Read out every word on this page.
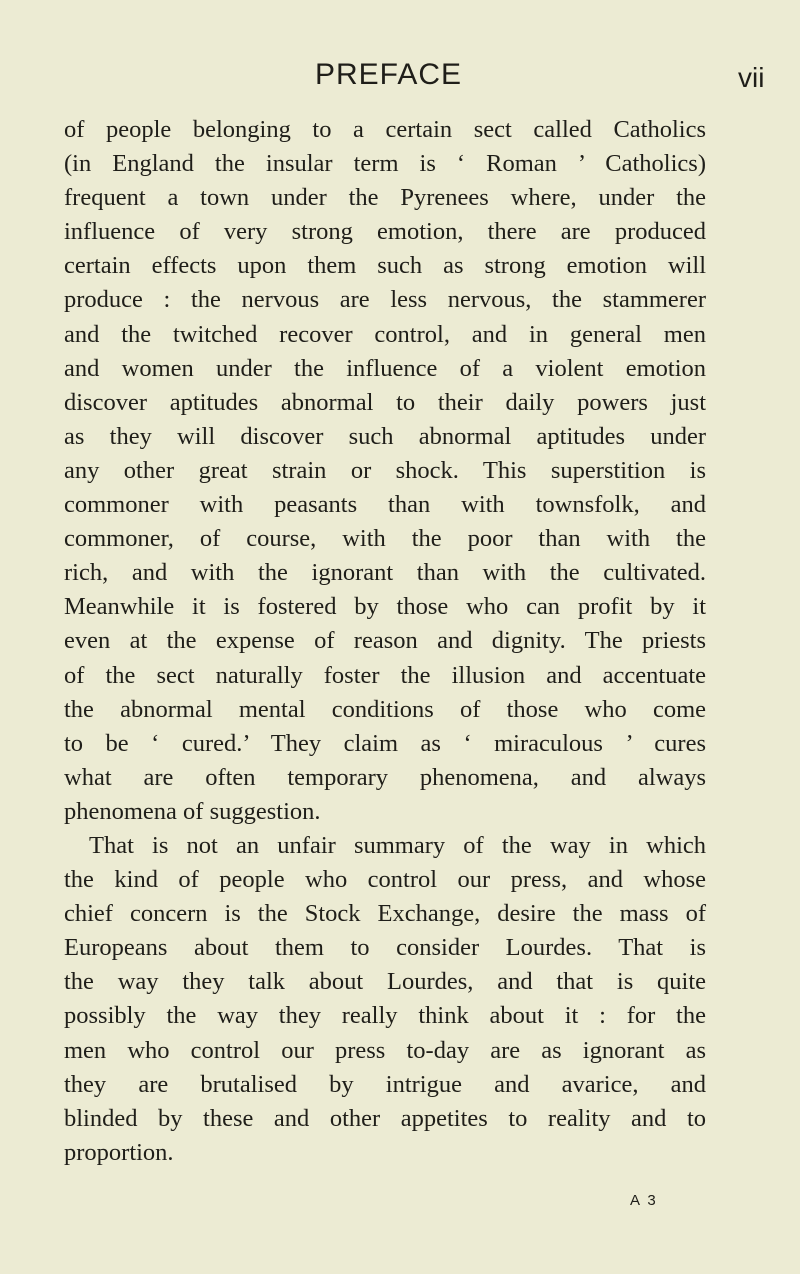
PREFACE	vii
of people belonging to a certain sect called Catholics
(in England the insular term is ‘ Roman ’ Catholics)
frequent a town under the Pyrenees where, under the
influence of very strong emotion, there are produced
certain effects upon them such as strong emotion will
produce : the nervous are less nervous, the stammerer
and the twitched recover control, and in general men
and women under the influence of a violent emotion
discover aptitudes abnormal to their daily powers just
as they will discover such abnormal aptitudes under
any other great strain or shock. This superstition is
commoner with peasants than with townsfolk, and
commoner, of course, with the poor than with the
rich, and with the ignorant than with the cultivated.
Meanwhile it is fostered by those who can profit by it
even at the expense of reason and dignity. The priests
of the sect naturally foster the illusion and accentuate
the abnormal mental conditions of those who come
to be ‘ cured.’ They claim as ‘ miraculous ’ cures
what are often temporary phenomena, and always
phenomena of suggestion.
That is not an unfair summary of the way in which
the kind of people who control our press, and whose
chief concern is the Stock Exchange, desire the mass of
Europeans about them to consider Lourdes. That is
the way they talk about Lourdes, and that is quite
possibly the way they really think about it : for the
men who control our press to-day are as ignorant as
they are brutalised by intrigue and avarice, and
blinded by these and other appetites to reality and to
proportion.
A 3
